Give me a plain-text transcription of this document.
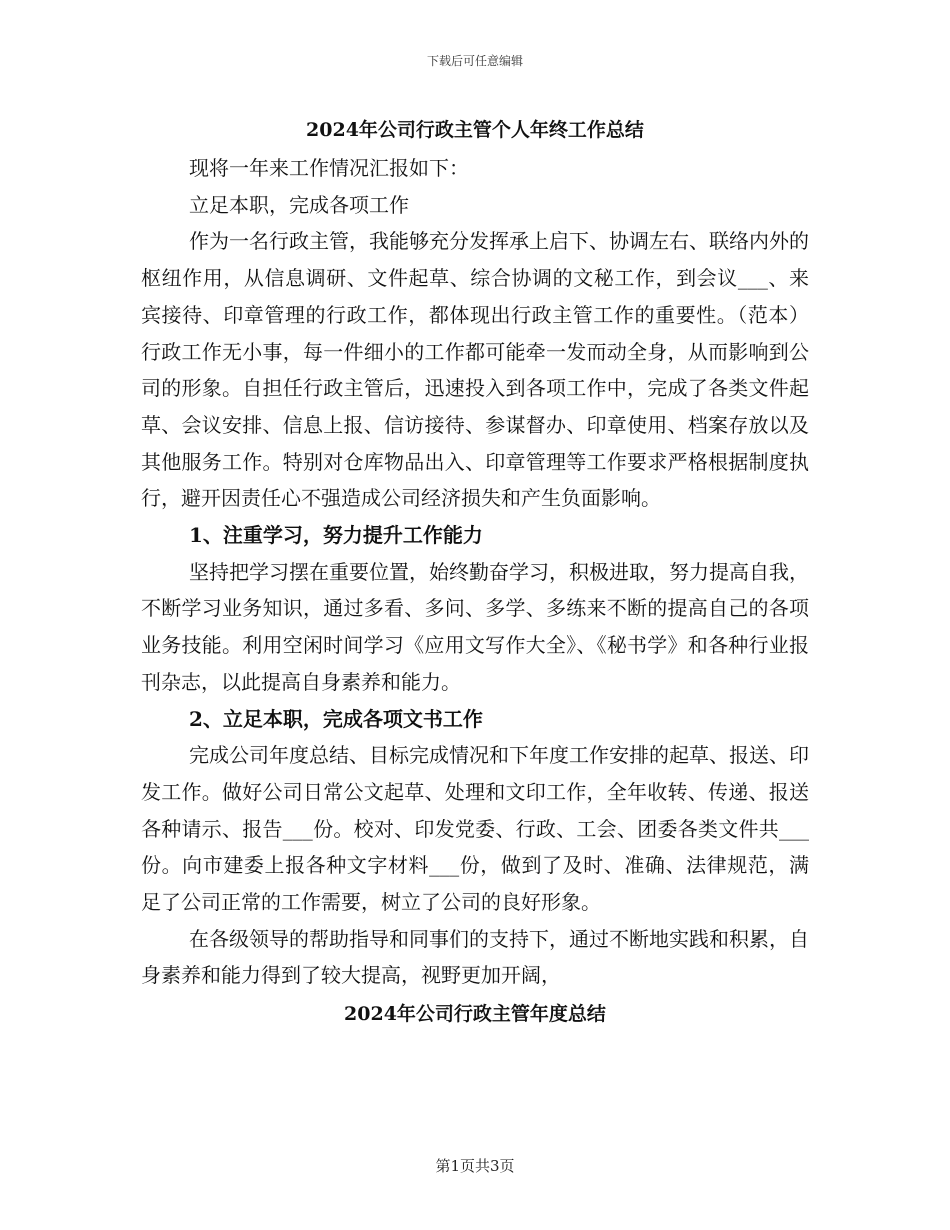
下载后可任意编辑
2024年公司行政主管个人年终工作总结

现将一年来工作情况汇报如下：

立足本职，完成各项工作

作为一名行政主管，我能够充分发挥承上启下、协调左右、联络内外的枢纽作用，从信息调研、文件起草、综合协调的文秘工作，到会议___、来宾接待、印章管理的行政工作，都体现出行政主管工作的重要性。（范本）行政工作无小事，每一件细小的工作都可能牵一发而动全身，从而影响到公司的形象。自担任行政主管后，迅速投入到各项工作中，完成了各类文件起草、会议安排、信息上报、信访接待、参谋督办、印章使用、档案存放以及其他服务工作。特别对仓库物品出入、印章管理等工作要求严格根据制度执行，避开因责任心不强造成公司经济损失和产生负面影响。

1、注重学习，努力提升工作能力

坚持把学习摆在重要位置，始终勤奋学习，积极进取，努力提高自我，不断学习业务知识，通过多看、多问、多学、多练来不断的提高自己的各项业务技能。利用空闲时间学习《应用文写作大全》、《秘书学》和各种行业报刊杂志，以此提高自身素养和能力。

2、立足本职，完成各项文书工作

完成公司年度总结、目标完成情况和下年度工作安排的起草、报送、印发工作。做好公司日常公文起草、处理和文印工作，全年收转、传递、报送各种请示、报告___份。校对、印发党委、行政、工会、团委各类文件共___份。向市建委上报各种文字材料___份，做到了及时、准确、法律规范，满足了公司正常的工作需要，树立了公司的良好形象。

在各级领导的帮助指导和同事们的支持下，通过不断地实践和积累，自身素养和能力得到了较大提高，视野更加开阔，

2024年公司行政主管年度总结
第1页共3页
